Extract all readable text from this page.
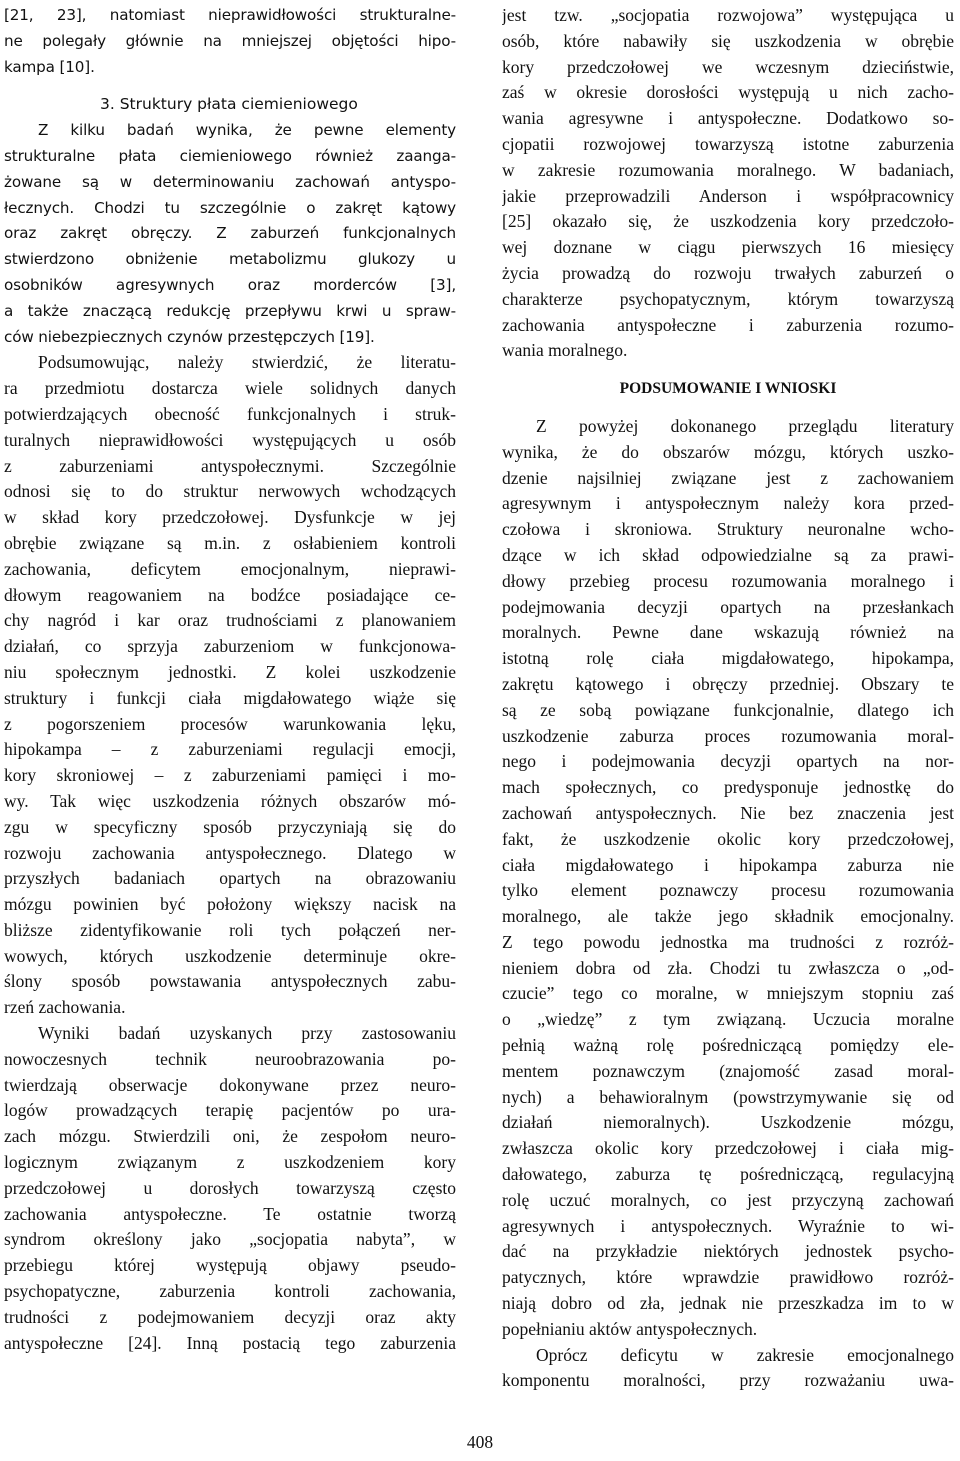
[21, 23], natomiast nieprawidłowości strukturalne-
ne polegały głównie na mniejszej objętości hipo-
kampa [10].
3. Struktury płata ciemieniowego
Z kilku badań wynika, że pewne elementy
strukturalne płata ciemieniowego również zaanga-
żowane są w determinowaniu zachowań antyspo-
łecznych. Chodzi tu szczególnie o zakręt kątowy
oraz zakręt obręczy. Z zaburzeń funkcjonalnych
stwierdzono obniżenie metabolizmu glukozy u
osobników agresywnych oraz morderców [3],
a także znaczącą redukcję przepływu krwi u spraw-
ców niebezpiecznych czynów przestępczych [19].
Podsumowując, należy stwierdzić, że literatu-
ra przedmiotu dostarcza wiele solidnych danych
potwierdzających obecność funkcjonalnych i struk-
turalnych nieprawidłowości występujących u osób
z zaburzeniami antyspołecznymi. Szczególnie
odnosi się to do struktur nerwowych wchodzących
w skład kory przedczołowej. Dysfunkcje w jej
obrębie związane są m.in. z osłabieniem kontroli
zachowania, deficytem emocjonalnym, nieprawi-
dłowym reagowaniem na bodźce posiadające ce-
chy nagród i kar oraz trudnościami z planowaniem
działań, co sprzyja zaburzeniom w funkcjonowa-
niu społecznym jednostki. Z kolei uszkodzenie
struktury i funkcji ciała migdałowatego wiąże się
z pogorszeniem procesów warunkowania lęku,
hipokampa – z zaburzeniami regulacji emocji,
kory skroniowej – z zaburzeniami pamięci i mo-
wy. Tak więc uszkodzenia różnych obszarów mó-
zgu w specyficzny sposób przyczyniają się do
rozwoju zachowania antyspołecznego. Dlatego w
przyszłych badaniach opartych na obrazowaniu
mózgu powinien być położony większy nacisk na
bliższe zidentyfikowanie roli tych połączeń ner-
wowych, których uszkodzenie determinuje okre-
ślony sposób powstawania antyspołecznych zabu-
rzeń zachowania.
Wyniki badań uzyskanych przy zastosowaniu
nowoczesnych technik neuroobrazowania po-
twierdzają obserwacje dokonywane przez neuro-
logów prowadzących terapię pacjentów po ura-
zach mózgu. Stwierdzili oni, że zespołom neuro-
logicznym związanym z uszkodzeniem kory
przedczołowej u dorosłych towarzyszą często
zachowania antyspołeczne. Te ostatnie tworzą
syndrom określony jako „socjopatia nabyta”, w
przebiegu której występują objawy pseudo-
psychopatyczne, zaburzenia kontroli zachowania,
trudności z podejmowaniem decyzji oraz akty
antyspołeczne [24]. Inną postacią tego zaburzenia
jest tzw. „socjopatia rozwojowa” występująca u
osób, które nabawiły się uszkodzenia w obrębie
kory przedczołowej we wczesnym dzieciństwie,
zaś w okresie dorosłości występują u nich zacho-
wania agresywne i antyspołeczne. Dodatkowo so-
cjopatii rozwojowej towarzyszą istotne zaburzenia
w zakresie rozumowania moralnego. W badaniach,
jakie przeprowadzili Anderson i współpracownicy
[25] okazało się, że uszkodzenia kory przedczoło-
wej doznane w ciągu pierwszych 16 miesięcy
życia prowadzą do rozwoju trwałych zaburzeń o
charakterze psychopatycznym, którym towarzyszą
zachowania antyspołeczne i zaburzenia rozumo-
wania moralnego.
PODSUMOWANIE I WNIOSKI
Z powyżej dokonanego przeglądu literatury
wynika, że do obszarów mózgu, których uszko-
dzenie najsilniej związane jest z zachowaniem
agresywnym i antyspołecznym należy kora przed-
czołowa i skroniowa. Struktury neuronalne wcho-
dzące w ich skład odpowiedzialne są za prawi-
dłowy przebieg procesu rozumowania moralnego i
podejmowania decyzji opartych na przesłankach
moralnych. Pewne dane wskazują również na
istotną rolę ciała migdałowatego, hipokampa,
zakrętu kątowego i obręczy przedniej. Obszary te
są ze sobą powiązane funkcjonalnie, dlatego ich
uszkodzenie zaburza proces rozumowania moral-
nego i podejmowania decyzji opartych na nor-
mach społecznych, co predysponuje jednostkę do
zachowań antyspołecznych. Nie bez znaczenia jest
fakt, że uszkodzenie okolic kory przedczołowej,
ciała migdałowatego i hipokampa zaburza nie
tylko element poznawczy procesu rozumowania
moralnego, ale także jego składnik emocjonalny.
Z tego powodu jednostka ma trudności z rozróż-
nieniem dobra od zła. Chodzi tu zwłaszcza o „od-
czucie” tego co moralne, w mniejszym stopniu zaś
o „wiedzę” z tym związaną. Uczucia moralne
pełnią ważną rolę pośredniczącą pomiędzy ele-
mentem poznawczym (znajomość zasad moral-
nych) a behawioralnym (powstrzymywanie się od
działań niemoralnych). Uszkodzenie mózgu,
zwłaszcza okolic kory przedczołowej i ciała mig-
dałowatego, zaburza tę pośredniczącą, regulacyjną
rolę uczuć moralnych, co jest przyczyną zachowań
agresywnych i antyspołecznych. Wyraźnie to wi-
dać na przykładzie niektórych jednostek psycho-
patycznych, które wprawdzie prawidłowo rozróż-
niają dobro od zła, jednak nie przeszkadza im to w
popełnianiu aktów antyspołecznych.
Oprócz deficytu w zakresie emocjonalnego
komponentu moralności, przy rozważaniu uwa-
408
